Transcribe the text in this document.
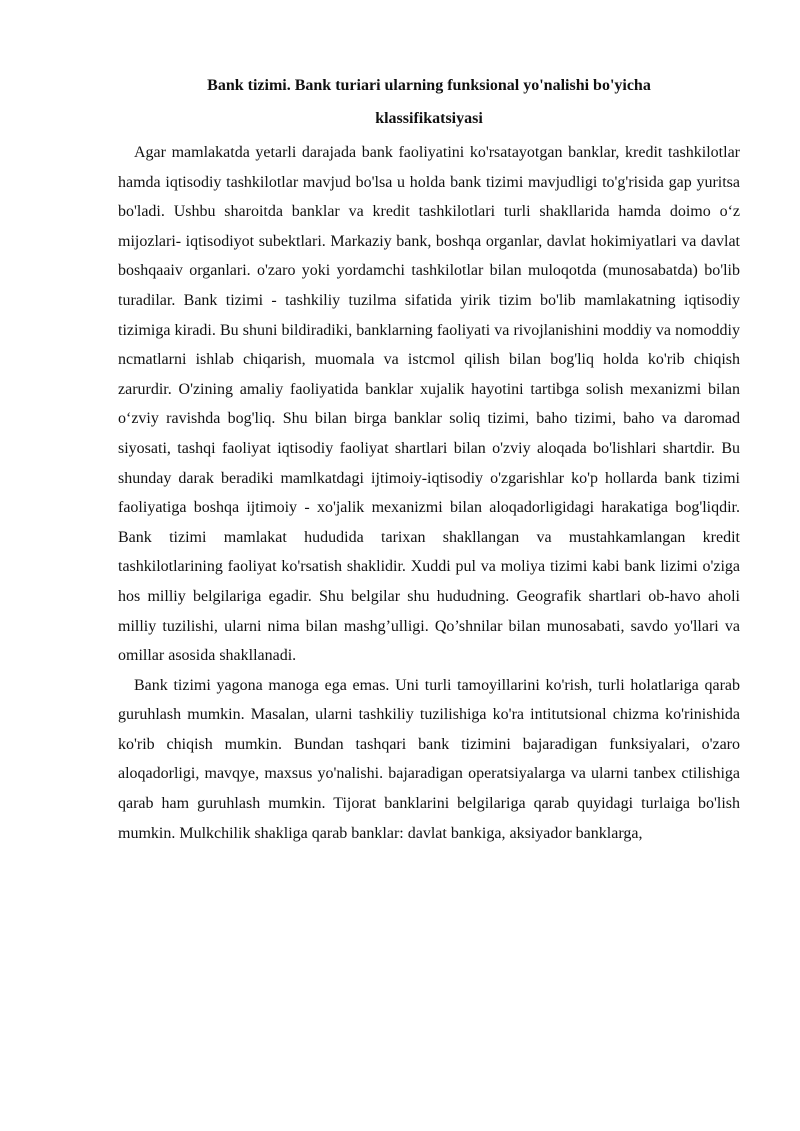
Bank tizimi. Bank turiari ularning funksional yo'nalishi bo'yicha
klassifikatsiyasi

Agar mamlakatda yetarli darajada bank faoliyatini ko'rsatayotgan banklar, kredit tashkilotlar hamda iqtisodiy tashkilotlar mavjud bo'lsa u holda bank tizimi mavjudligi to'g'risida gap yuritsa bo'ladi. Ushbu sharoitda banklar va kredit tashkilotlari turli shakllarida hamda doimo o‘z mijozlari- iqtisodiyot subektlari. Markaziy bank, boshqa organlar, davlat hokimiyatlari va davlat boshqaaiv organlari. o'zaro yoki yordamchi tashkilotlar bilan muloqotda (munosabatda) bo'lib turadilar. Bank tizimi - tashkiliy tuzilma sifatida yirik tizim bo'lib mamlakatning iqtisodiy tizimiga kiradi. Bu shuni bildiradiki, banklarning faoliyati va rivojlanishini moddiy va nomoddiy ncmatlarni ishlab chiqarish, muomala va istcmol qilish bilan bog'liq holda ko'rib chiqish zarurdir. O'zining amaliy faoliyatida banklar xujalik hayotini tartibga solish mexanizmi bilan o‘zviy ravishda bog'liq. Shu bilan birga banklar soliq tizimi, baho tizimi, baho va daromad siyosati, tashqi faoliyat iqtisodiy faoliyat shartlari bilan o'zviy aloqada bo'lishlari shartdir. Bu shunday darak beradiki mamlkatdagi ijtimoiy-iqtisodiy o'zgarishlar ko'p hollarda bank tizimi faoliyatiga boshqa ijtimoiy - xo'jalik mexanizmi bilan aloqadorligidagi harakatiga bog'liqdir. Bank tizimi mamlakat hududida tarixan shakllangan va mustahkamlangan kredit tashkilotlarining faoliyat ko'rsatish shaklidir. Xuddi pul va moliya tizimi kabi bank lizimi o'ziga hos milliy belgilariga egadir. Shu belgilar shu hududning. Geografik shartlari ob-havo aholi milliy tuzilishi, ularni nima bilan mashg’ulligi. Qo’shnilar bilan munosabati, savdo yo'llari va omillar asosida shakllanadi.

Bank tizimi yagona manoga ega emas. Uni turli tamoyillarini ko'rish, turli holatlariga qarab guruhlash mumkin. Masalan, ularni tashkiliy tuzilishiga ko'ra intitutsional chizma ko'rinishida ko'rib chiqish mumkin. Bundan tashqari bank tizimini bajaradigan funksiyalari, o'zaro aloqadorligi, mavqye, maxsus yo'nalishi. bajaradigan operatsiyalarga va ularni tanbex ctilishiga qarab ham guruhlash mumkin. Tijorat banklarini belgilariga qarab quyidagi turlaiga bo'lish mumkin. Mulkchilik shakliga qarab banklar: davlat bankiga, aksiyador banklarga,
